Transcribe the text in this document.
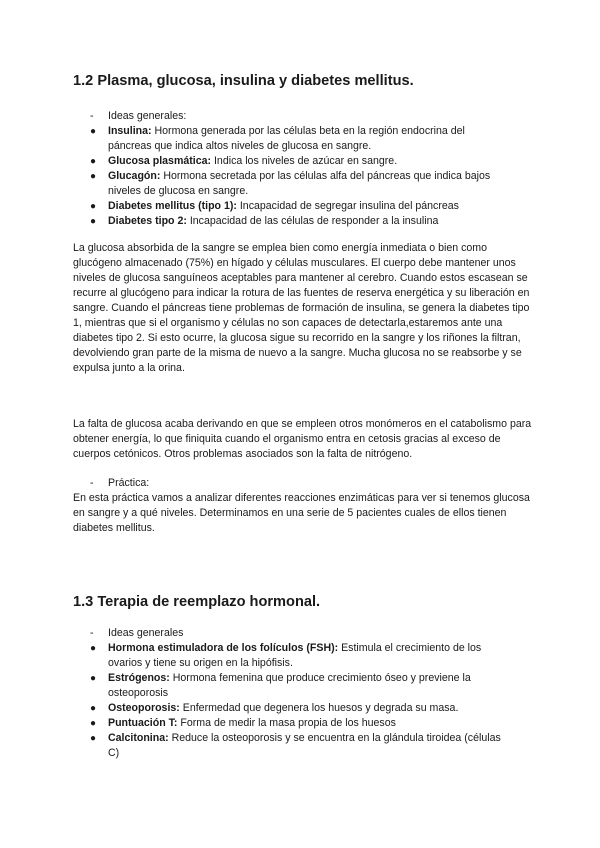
1.2 Plasma, glucosa, insulina y diabetes mellitus.
- Ideas generales:
● Insulina: Hormona generada por las células beta en la región endocrina del páncreas que indica altos niveles de glucosa en sangre.
● Glucosa plasmática: Indica los niveles de azúcar en sangre.
● Glucagón: Hormona secretada por las células alfa del páncreas que indica bajos niveles de glucosa en sangre.
● Diabetes mellitus (tipo 1): Incapacidad de segregar insulina del páncreas
● Diabetes tipo 2: Incapacidad de las células de responder a la insulina

La glucosa absorbida de la sangre se emplea bien como energía inmediata o bien como glucógeno almacenado (75%) en hígado y células musculares. El cuerpo debe mantener unos niveles de glucosa sanguíneos aceptables para mantener al cerebro. Cuando estos escasean se recurre al glucógeno para indicar la rotura de las fuentes de reserva energética y su liberación en sangre. Cuando el páncreas tiene problemas de formación de insulina, se genera la diabetes tipo 1, mientras que si el organismo y células no son capaces de detectarla,estaremos ante una diabetes tipo 2. Si esto ocurre, la glucosa sigue su recorrido en la sangre y los riñones la filtran, devolviendo gran parte de la misma de nuevo a la sangre. Mucha glucosa no se reabsorbe y se expulsa junto a la orina.

La falta de glucosa acaba derivando en que se empleen otros monómeros en el catabolismo para obtener energía, lo que finiquita cuando el organismo entra en cetosis gracias al exceso de cuerpos cetónicos. Otros problemas asociados son la falta de nitrógeno.

- Práctica:

En esta práctica vamos a analizar diferentes reacciones enzimáticas para ver si tenemos glucosa en sangre y a qué niveles. Determinamos en una serie de 5 pacientes cuales de ellos tienen diabetes mellitus.

1.3 Terapia de reemplazo hormonal.
- Ideas generales
● Hormona estimuladora de los folículos (FSH): Estimula el crecimiento de los ovarios y tiene su origen en la hipófisis.
● Estrógenos: Hormona femenina que produce crecimiento óseo y previene la osteoporosis
● Osteoporosis: Enfermedad que degenera los huesos y degrada su masa.
● Puntuación T: Forma de medir la masa propia de los huesos
● Calcitonina: Reduce la osteoporosis y se encuentra en la glándula tiroidea (células C)
